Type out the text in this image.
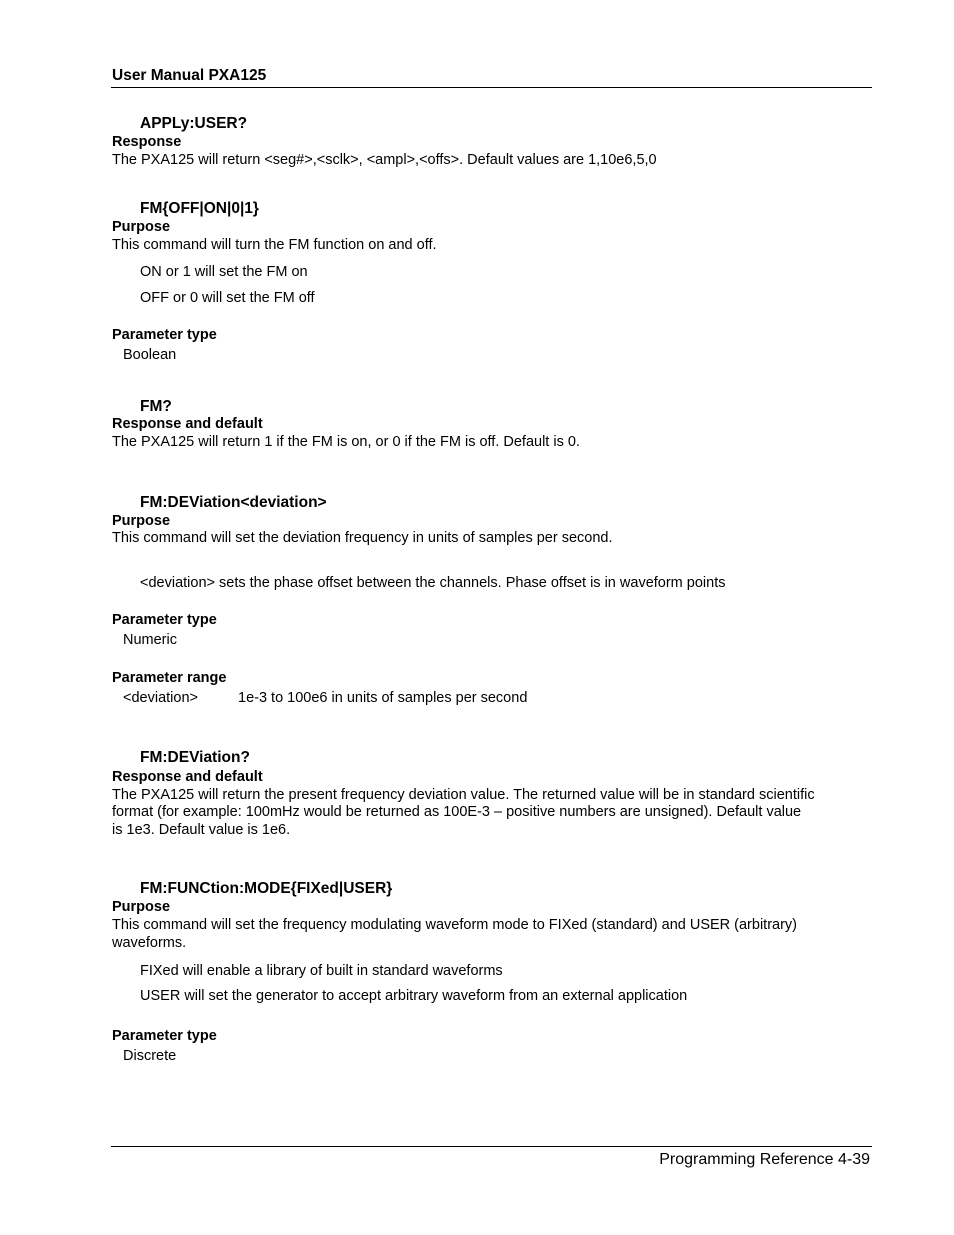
User Manual PXA125
APPLy:USER?
Response
The PXA125 will return <seg#>,<sclk>, <ampl>,<offs>. Default values are 1,10e6,5,0
FM{OFF|ON|0|1}
Purpose
This command will turn the FM function on and off.
ON or 1 will set the FM on
OFF or 0 will set the FM off
Parameter type
Boolean
FM?
Response and default
The PXA125 will return 1 if the FM is on, or 0 if the FM is off. Default is 0.
FM:DEViation<deviation>
Purpose
This command will set the deviation frequency in units of samples per second.
<deviation> sets the phase offset between the channels. Phase offset is in waveform points
Parameter type
Numeric
Parameter range
<deviation>	1e-3 to 100e6 in units of samples per second
FM:DEViation?
Response and default
The PXA125 will return the present frequency deviation value. The returned value will be in standard scientific
format (for example: 100mHz would be returned as 100E-3 – positive numbers are unsigned). Default value
is 1e3. Default value is 1e6.
FM:FUNCtion:MODE{FIXed|USER}
Purpose
This command will set the frequency modulating waveform mode to FIXed (standard) and USER (arbitrary)
waveforms.
FIXed will enable a library of built in standard waveforms
USER will set the generator to accept arbitrary waveform from an external application
Parameter type
Discrete
Programming Reference 4-39
